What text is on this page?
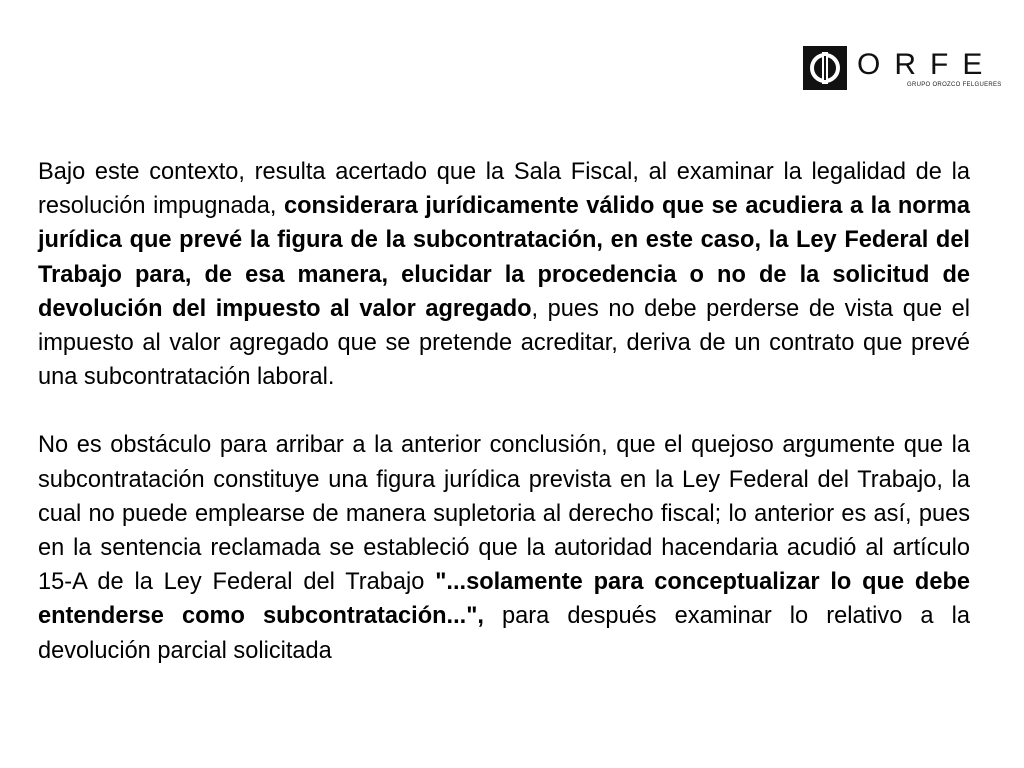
ORFE
GRUPO OROZCO FELGUERES

Bajo este contexto, resulta acertado que la Sala Fiscal, al examinar la legalidad de la resolución impugnada, considerara jurídicamente válido que se acudiera a la norma jurídica que prevé la figura de la subcontratación, en este caso, la Ley Federal del Trabajo para, de esa manera, elucidar la procedencia o no de la solicitud de devolución del impuesto al valor agregado, pues no debe perderse de vista que el impuesto al valor agregado que se pretende acreditar, deriva de un contrato que prevé una subcontratación laboral.

No es obstáculo para arribar a la anterior conclusión, que el quejoso argumente que la subcontratación constituye una figura jurídica prevista en la Ley Federal del Trabajo, la cual no puede emplearse de manera supletoria al derecho fiscal; lo anterior es así, pues en la sentencia reclamada se estableció que la autoridad hacendaria acudió al artículo 15-A de la Ley Federal del Trabajo "...solamente para conceptualizar lo que debe entenderse como subcontratación...", para después examinar lo relativo a la devolución parcial solicitada
